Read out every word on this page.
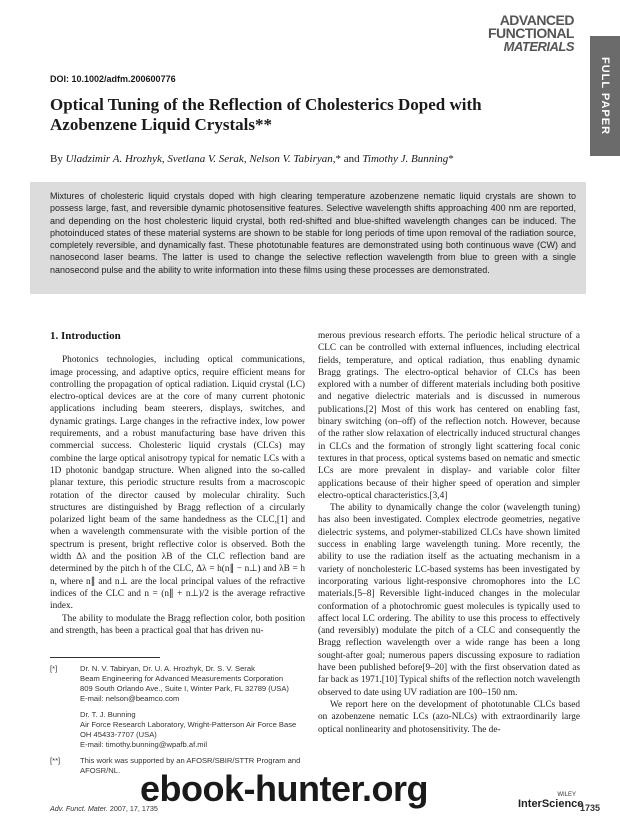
ADVANCED
FUNCTIONAL
MATERIALS
FULL PAPER
DOI: 10.1002/adfm.200600776
Optical Tuning of the Reflection of Cholesterics Doped with Azobenzene Liquid Crystals**
By Uladzimir A. Hrozhyk, Svetlana V. Serak, Nelson V. Tabiryan,* and Timothy J. Bunning*

Mixtures of cholesteric liquid crystals doped with high clearing temperature azobenzene nematic liquid crystals are shown to possess large, fast, and reversible dynamic photosensitive features. Selective wavelength shifts approaching 400 nm are reported, and depending on the host cholesteric liquid crystal, both red-shifted and blue-shifted wavelength changes can be induced. The photoinduced states of these material systems are shown to be stable for long periods of time upon removal of the radiation source, completely reversible, and dynamically fast. These phototunable features are demonstrated using both continuous wave (CW) and nanosecond laser beams. The latter is used to change the selective reflection wavelength from blue to green with a single nanosecond pulse and the ability to write information into these films using these processes are demonstrated.

1. Introduction

Photonics technologies, including optical communications, image processing, and adaptive optics, require efficient means for controlling the propagation of optical radiation. Liquid crystal (LC) electro-optical devices are at the core of many current photonic applications including beam steerers, displays, switches, and dynamic gratings. Large changes in the refractive index, low power requirements, and a robust manufacturing base have driven this commercial success. Cholesteric liquid crystals (CLCs) may combine the large optical anisotropy typical for nematic LCs with a 1D photonic bandgap structure. When aligned into the so-called planar texture, this periodic structure results from a macroscopic rotation of the director caused by molecular chirality. Such structures are distinguished by Bragg reflection of a circularly polarized light beam of the same handedness as the CLC,[1] and when a wavelength commensurate with the visible portion of the spectrum is present, bright reflective color is observed. Both the width Δλ and the position λB of the CLC reflection band are determined by the pitch h of the CLC, Δλ = h(n∥ − n⊥) and λB = h n, where n∥ and n⊥ are the local principal values of the refractive indices of the CLC and n = (n∥ + n⊥)/2 is the average refractive index.

The ability to modulate the Bragg reflection color, both position and strength, has been a practical goal that has driven nu-

merous previous research efforts. The periodic helical structure of a CLC can be controlled with external influences, including electrical fields, temperature, and optical radiation, thus enabling dynamic Bragg gratings. The electro-optical behavior of CLCs has been explored with a number of different materials including both positive and negative dielectric materials and is discussed in numerous publications.[2] Most of this work has centered on enabling fast, binary switching (on–off) of the reflection notch. However, because of the rather slow relaxation of electrically induced structural changes in CLCs and the formation of strongly light scattering focal conic textures in that process, optical systems based on nematic and smectic LCs are more prevalent in display- and variable color filter applications because of their higher speed of operation and simpler electro-optical characteristics.[3,4]

The ability to dynamically change the color (wavelength tuning) has also been investigated. Complex electrode geometries, negative dielectric systems, and polymer-stabilized CLCs have shown limited success in enabling large wavelength tuning. More recently, the ability to use the radiation itself as the actuating mechanism in a variety of noncholesteric LC-based systems has been investigated by incorporating various light-responsive chromophores into the LC materials.[5–8] Reversible light-induced changes in the molecular conformation of a photochromic guest molecules is typically used to affect local LC ordering. The ability to use this process to effectively (and reversibly) modulate the pitch of a CLC and consequently the Bragg reflection wavelength over a wide range has been a long sought-after goal; numerous papers discussing exposure to radiation have been published before[9–20] with the first observation dated as far back as 1971.[10] Typical shifts of the reflection notch wavelength observed to date using UV radiation are 100–150 nm.

We report here on the development of phototunable CLCs based on azobenzene nematic LCs (azo-NLCs) with extraordinarily large optical nonlinearity and photosensitivity. The de-

[*]	Dr. N. V. Tabiryan, Dr. U. A. Hrozhyk, Dr. S. V. Serak
Beam Engineering for Advanced Measurements Corporation
809 South Orlando Ave., Suite I, Winter Park, FL 32789 (USA)
E-mail: nelson@beamco.com
Dr. T. J. Bunning
Air Force Research Laboratory, Wright-Patterson Air Force Base
OH 45433-7707 (USA)
E-mail: timothy.bunning@wpafb.af.mil
[**]	This work was supported by an AFOSR/SBIR/STTR Program and AFOSR/NL. ebook-hunter.org
Adv. Funct. Mater. 2007, 17, 1735
WILEY
InterScience
1735
